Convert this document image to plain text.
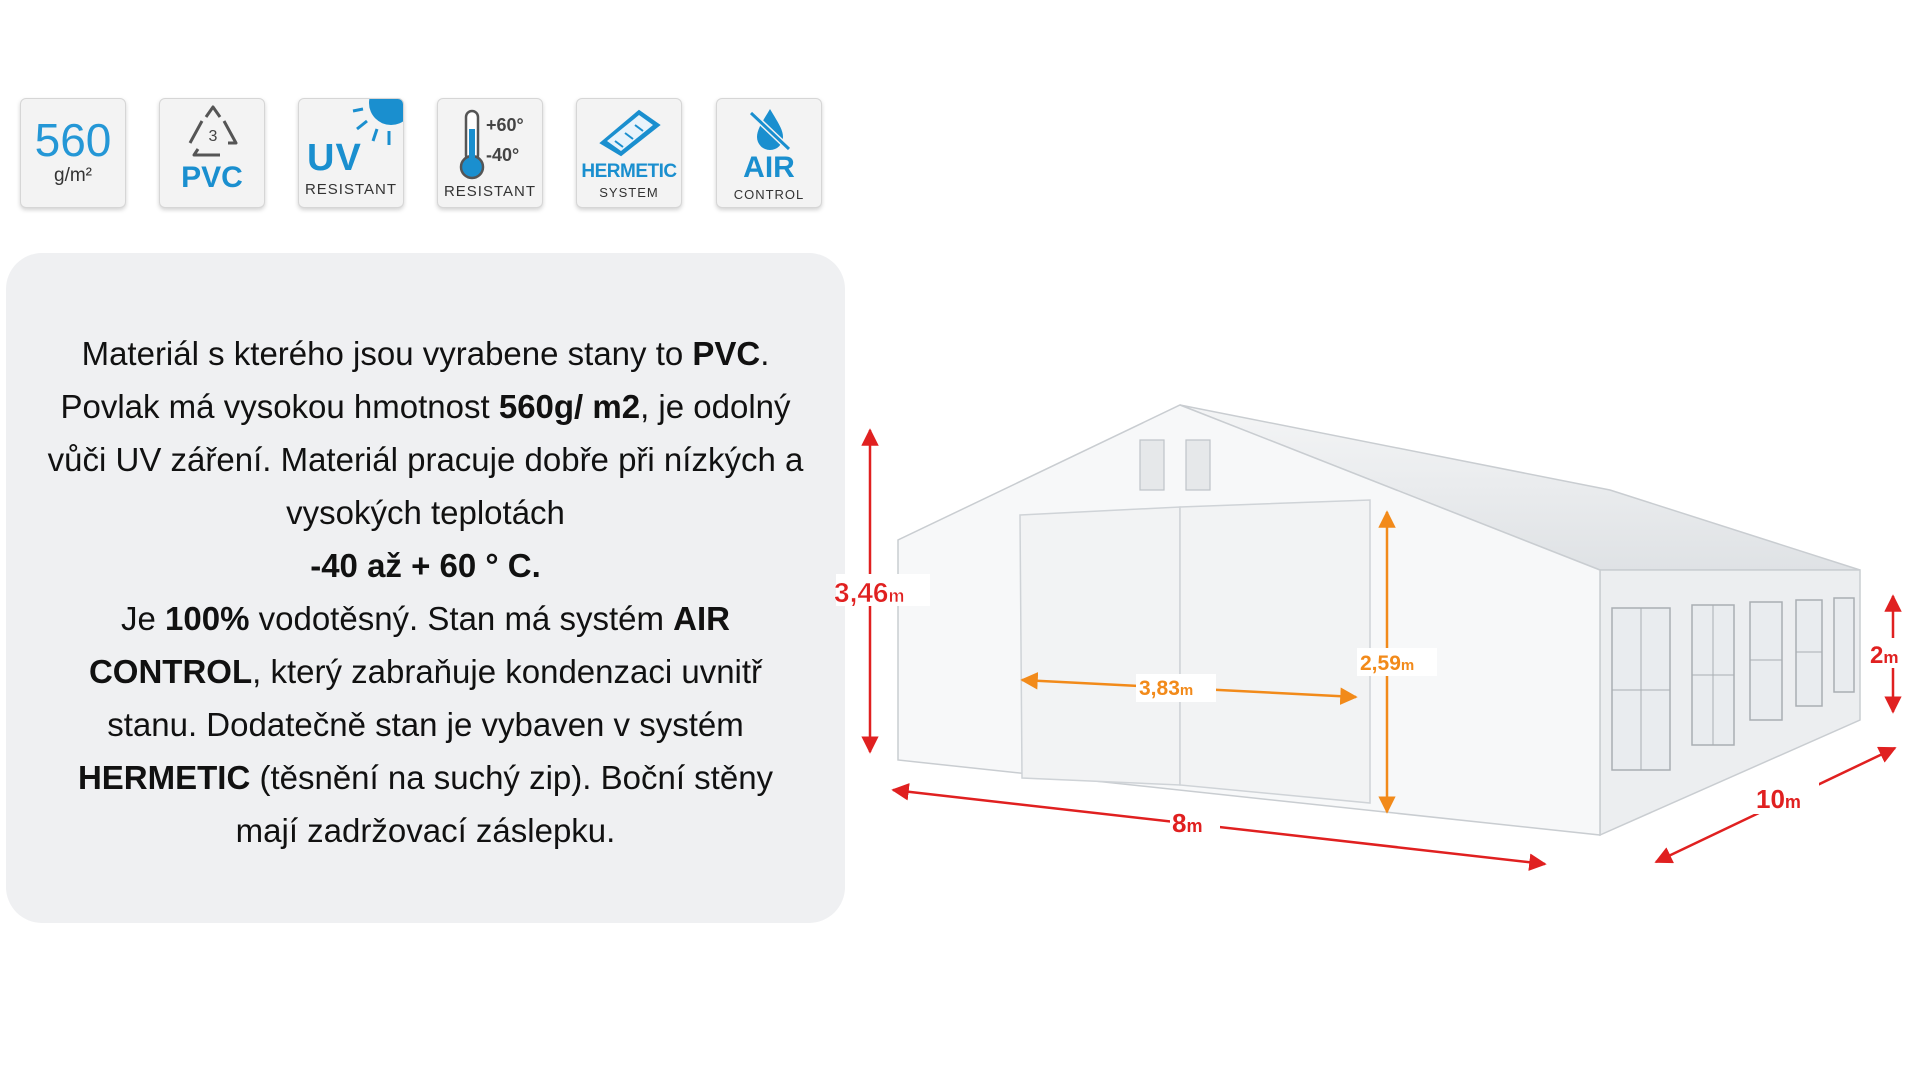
560
g/m²
3
PVC	UV
RESISTANT
+60°
-40°
RESISTANT
HERMETIC
SYSTEM
AIR
CONTROL
Materiál s kterého jsou vyrabene stany to PVC. Povlak má vysokou hmotnost 560g/ m2, je odolný vůči UV záření. Materiál pracuje dobře při nízkých a vysokých teplotách
-40 až + 60 ° C.
Je 100% vodotěsný. Stan má systém AIR CONTROL, který zabraňuje kondenzaci uvnitř stanu. Dodatečně stan je vybaven v systém HERMETIC (těsnění na suchý zip). Boční stěny mají zadržovací záslepku.
3,46m
2,59m
3,83m
2m
8m
10m
